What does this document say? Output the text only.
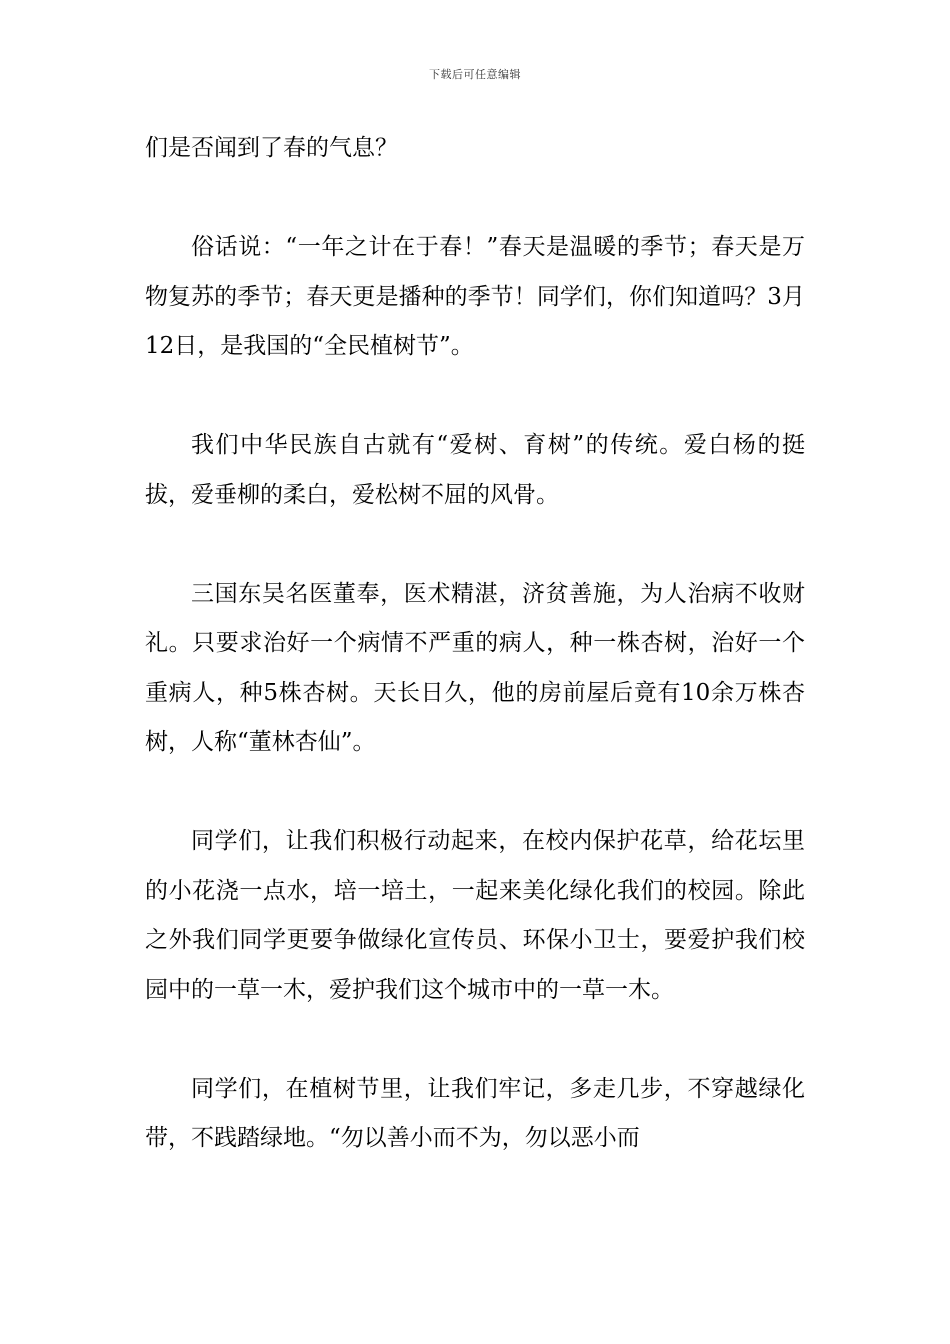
下载后可任意编辑

们是否闻到了春的气息？

俗话说：“一年之计在于春！”春天是温暖的季节；春天是万物复苏的季节；春天更是播种的季节！同学们，你们知道吗？3月12日，是我国的“全民植树节”。

我们中华民族自古就有“爱树、育树”的传统。爱白杨的挺拔，爱垂柳的柔白，爱松树不屈的风骨。

三国东吴名医董奉，医术精湛，济贫善施，为人治病不收财礼。只要求治好一个病情不严重的病人，种一株杏树，治好一个重病人，种5株杏树。天长日久，他的房前屋后竟有10余万株杏树，人称“董林杏仙”。

同学们，让我们积极行动起来，在校内保护花草，给花坛里的小花浇一点水，培一培土，一起来美化绿化我们的校园。除此之外我们同学更要争做绿化宣传员、环保小卫士，要爱护我们校园中的一草一木，爱护我们这个城市中的一草一木。

同学们，在植树节里，让我们牢记，多走几步，不穿越绿化带，不践踏绿地。“勿以善小而不为，勿以恶小而
